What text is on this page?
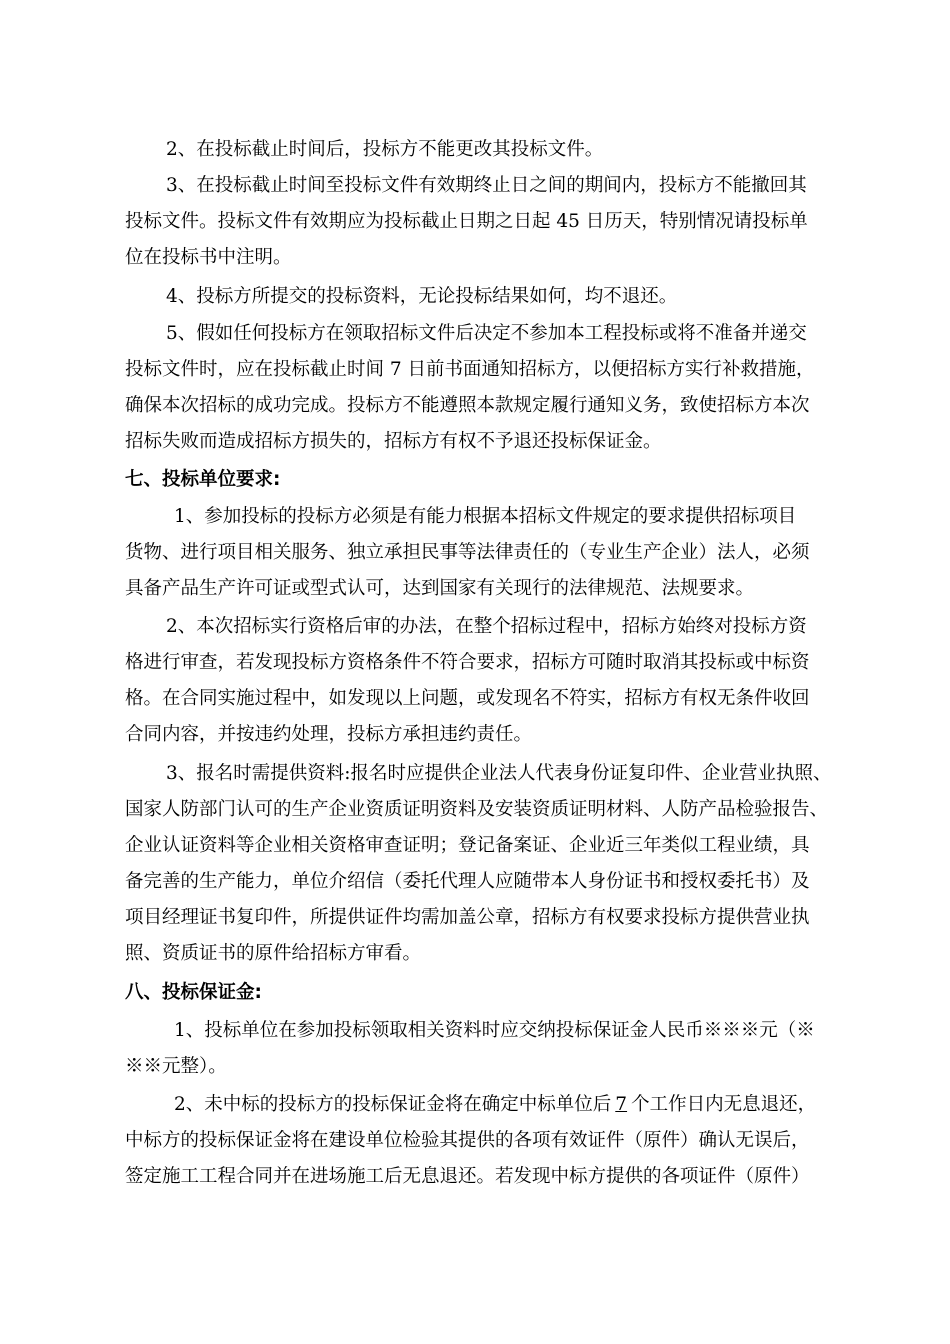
2、在投标截止时间后，投标方不能更改其投标文件。
3、在投标截止时间至投标文件有效期终止日之间的期间内，投标方不能撤回其
投标文件。投标文件有效期应为投标截止日期之日起 45 日历天，特别情况请投标单
位在投标书中注明。
4、投标方所提交的投标资料，无论投标结果如何，均不退还。
5、假如任何投标方在领取招标文件后决定不参加本工程投标或将不准备并递交
投标文件时，应在投标截止时间 7 日前书面通知招标方，以便招标方实行补救措施，
确保本次招标的成功完成。投标方不能遵照本款规定履行通知义务，致使招标方本次
招标失败而造成招标方损失的，招标方有权不予退还投标保证金。
七、投标单位要求:
1、参加投标的投标方必须是有能力根据本招标文件规定的要求提供招标项目
货物、进行项目相关服务、独立承担民事等法律责任的（专业生产企业）法人，必须
具备产品生产许可证或型式认可，达到国家有关现行的法律规范、法规要求。
2、本次招标实行资格后审的办法，在整个招标过程中，招标方始终对投标方资
格进行审查，若发现投标方资格条件不符合要求，招标方可随时取消其投标或中标资
格。在合同实施过程中，如发现以上问题，或发现名不符实，招标方有权无条件收回
合同内容，并按违约处理，投标方承担违约责任。
3、报名时需提供资料:报名时应提供企业法人代表身份证复印件、企业营业执照、
国家人防部门认可的生产企业资质证明资料及安装资质证明材料、人防产品检验报告、
企业认证资料等企业相关资格审查证明；登记备案证、企业近三年类似工程业绩，具
备完善的生产能力，单位介绍信（委托代理人应随带本人身份证书和授权委托书）及
项目经理证书复印件，所提供证件均需加盖公章，招标方有权要求投标方提供营业执
照、资质证书的原件给招标方审看。
八、投标保证金:
1、投标单位在参加投标领取相关资料时应交纳投标保证金人民币※※※元（※
※※元整）。
2、未中标的投标方的投标保证金将在确定中标单位后 7 个工作日内无息退还，
中标方的投标保证金将在建设单位检验其提供的各项有效证件（原件）确认无误后，
签定施工工程合同并在进场施工后无息退还。若发现中标方提供的各项证件（原件）
